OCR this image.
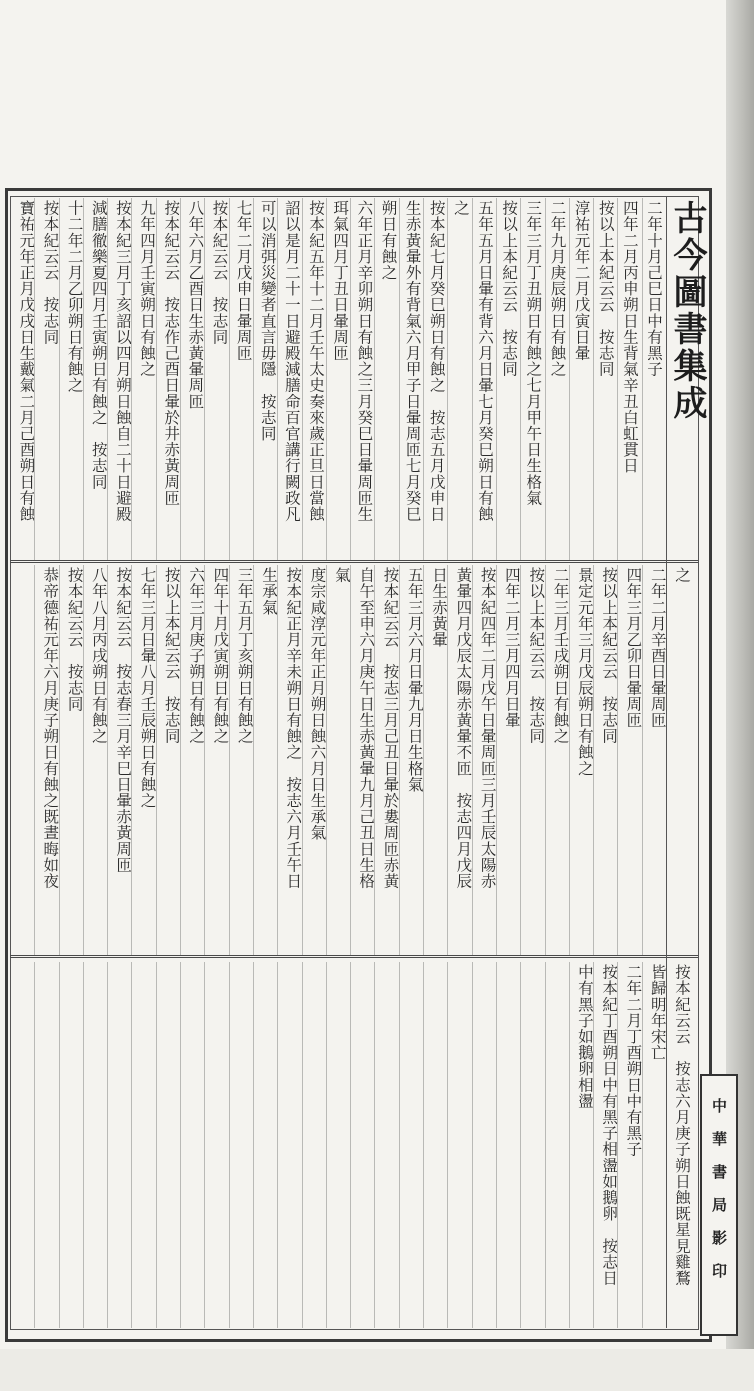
古今圖書集成
二年十月己巳日中有黑子
四年二月丙申朔日生背氣辛丑白虹貫日
按以上本紀云云　按志同
淳祐元年二月戊寅日暈
二年九月庚辰朔日有蝕之
三年三月丁丑朔日有蝕之七月甲午日生格氣
按以上本紀云云　按志同
五年五月日暈有背六月日暈七月癸巳朔日有蝕
之
按本紀七月癸巳朔日有蝕之　按志五月戊申日
生赤黃暈外有背氣六月甲子日暈周匝七月癸巳
朔日有蝕之
六年正月辛卯朔日有蝕之三月癸巳日暈周匝生
珥氣四月丁丑日暈周匝
按本紀五年十二月壬午太史奏來歲正旦日當蝕
詔以是月二十一日避殿減膳命百官講行闕政凡
可以消弭災變者直言毋隱　按志同
七年二月戊申日暈周匝
按本紀云云　按志同
八年六月乙酉日生赤黃暈周匝
按本紀云云　按志作己酉日暈於井赤黃周匝
九年四月壬寅朔日有蝕之
按本紀三月丁亥詔以四月朔日蝕自二十日避殿
減膳徹樂夏四月壬寅朔日有蝕之　按志同
十二年二月乙卯朔日有蝕之
按本紀云云　按志同
寶祐元年正月戊戌日生戴氣二月己酉朔日有蝕
之
二年二月辛酉日暈周匝
四年三月乙卯日暈周匝
按以上本紀云云　按志同
景定元年三月戊辰朔日有蝕之
二年三月壬戌朔日有蝕之
按以上本紀云云　按志同
四年二月三月四月日暈
按本紀四年二月戊午日暈周匝三月壬辰太陽赤
黃暈四月戊辰太陽赤黃暈不匝　按志四月戊辰
日生赤黃暈
五年三月六月日暈九月日生格氣
按本紀云云　按志三月己丑日暈於婁周匝赤黃
自午至申六月庚午日生赤黃暈九月己丑日生格
氣
度宗咸淳元年正月朔日蝕六月日生承氣
按本紀正月辛未朔日有蝕之　按志六月壬午日
生承氣
三年五月丁亥朔日有蝕之
四年十月戊寅朔日有蝕之
六年三月庚子朔日有蝕之
按以上本紀云云　按志同
七年三月日暈八月壬辰朔日有蝕之
按本紀云云　按志春三月辛巳日暈赤黃周匝
八年八月丙戌朔日有蝕之
按本紀云云　按志同
恭帝德祐元年六月庚子朔日有蝕之既晝晦如夜
按本紀云云　按志六月庚子朔日蝕既星見雞鶩
皆歸明年宋亡
二年二月丁酉朔日中有黑子
按本紀丁酉朔日中有黑子相盪如鵝卵　按志日
中有黑子如鵝卵相盪
中華書局影印
